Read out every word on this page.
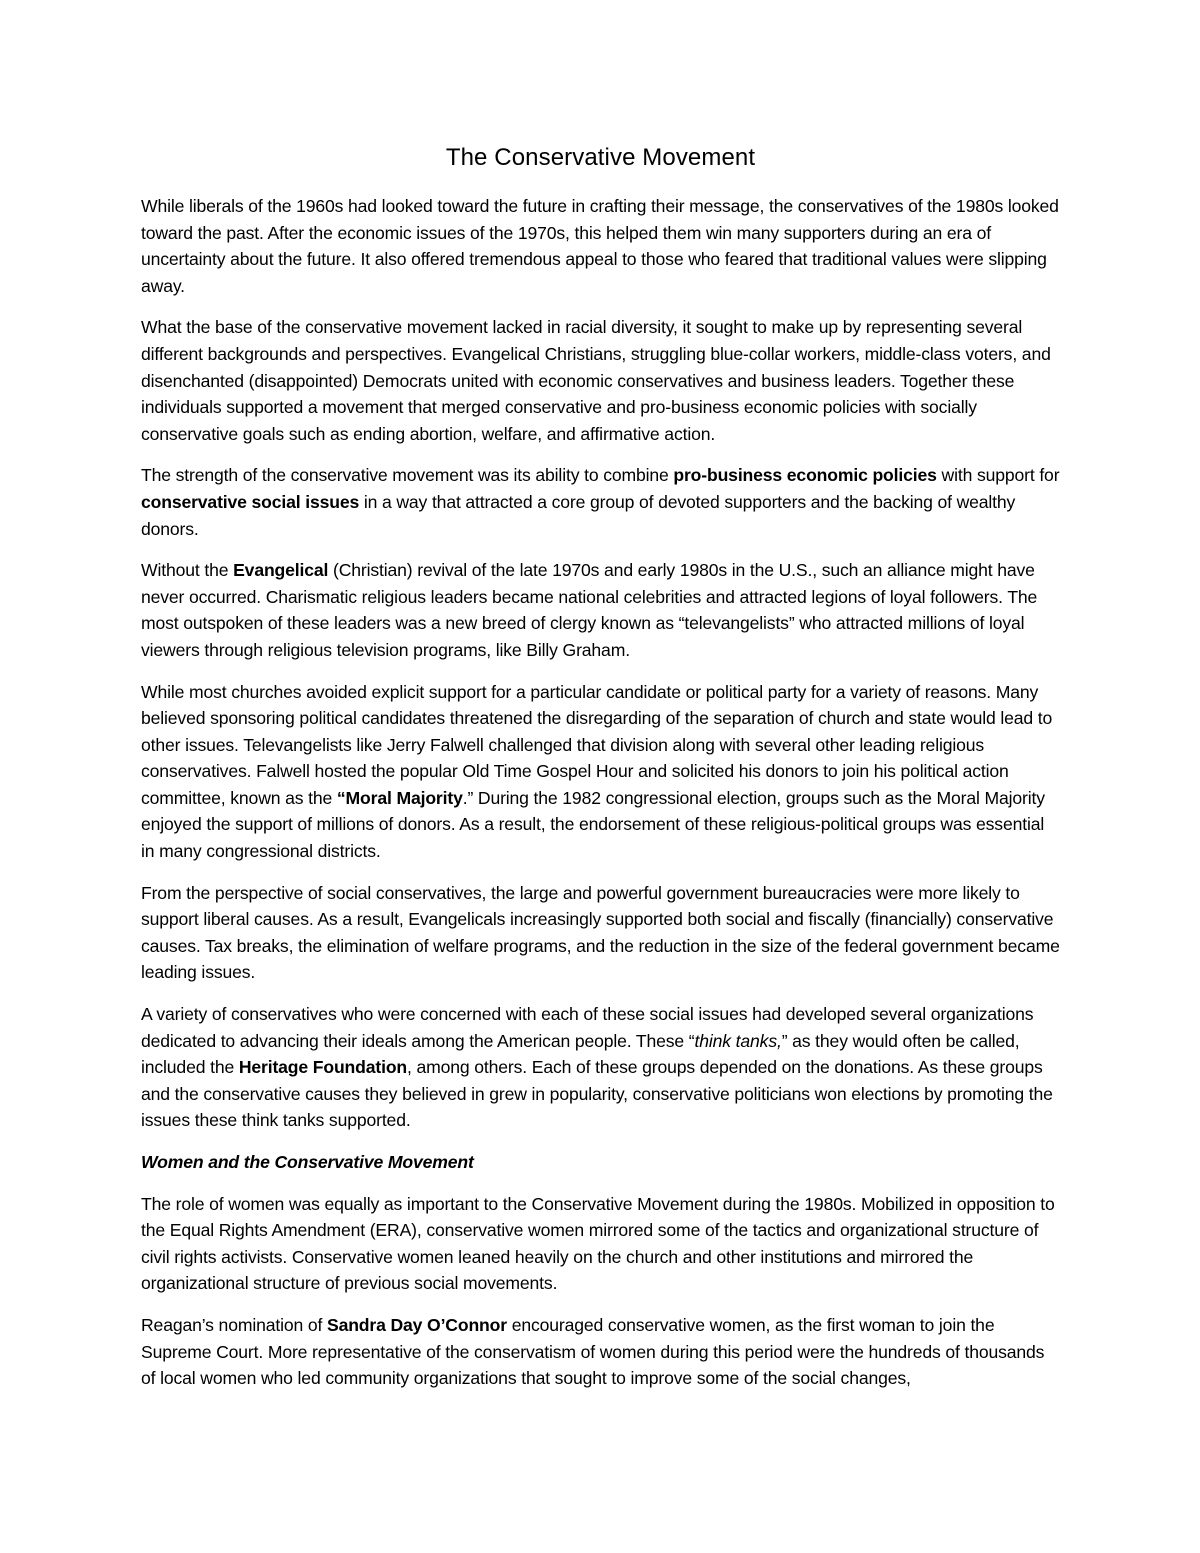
The Conservative Movement

While liberals of the 1960s had looked toward the future in crafting their message, the conservatives of the 1980s looked toward the past. After the economic issues of the 1970s, this helped them win many supporters during an era of uncertainty about the future. It also offered tremendous appeal to those who feared that traditional values were slipping away.

What the base of the conservative movement lacked in racial diversity, it sought to make up by representing several different backgrounds and perspectives. Evangelical Christians, struggling blue-collar workers, middle-class voters, and disenchanted (disappointed) Democrats united with economic conservatives and business leaders. Together these individuals supported a movement that merged conservative and pro-business economic policies with socially conservative goals such as ending abortion, welfare, and affirmative action.

The strength of the conservative movement was its ability to combine pro-business economic policies with support for conservative social issues in a way that attracted a core group of devoted supporters and the backing of wealthy donors.

Without the Evangelical (Christian) revival of the late 1970s and early 1980s in the U.S., such an alliance might have never occurred. Charismatic religious leaders became national celebrities and attracted legions of loyal followers. The most outspoken of these leaders was a new breed of clergy known as “televangelists” who attracted millions of loyal viewers through religious television programs, like Billy Graham.

While most churches avoided explicit support for a particular candidate or political party for a variety of reasons. Many believed sponsoring political candidates threatened the disregarding of the separation of church and state would lead to other issues. Televangelists like Jerry Falwell challenged that division along with several other leading religious conservatives. Falwell hosted the popular Old Time Gospel Hour and solicited his donors to join his political action committee, known as the “Moral Majority.” During the 1982 congressional election, groups such as the Moral Majority enjoyed the support of millions of donors. As a result, the endorsement of these religious-political groups was essential in many congressional districts.

From the perspective of social conservatives, the large and powerful government bureaucracies were more likely to support liberal causes. As a result, Evangelicals increasingly supported both social and fiscally (financially) conservative causes. Tax breaks, the elimination of welfare programs, and the reduction in the size of the federal government became leading issues.

A variety of conservatives who were concerned with each of these social issues had developed several organizations dedicated to advancing their ideals among the American people. These “think tanks,” as they would often be called, included the Heritage Foundation, among others. Each of these groups depended on the donations. As these groups and the conservative causes they believed in grew in popularity, conservative politicians won elections by promoting the issues these think tanks supported.

Women and the Conservative Movement

The role of women was equally as important to the Conservative Movement during the 1980s. Mobilized in opposition to the Equal Rights Amendment (ERA), conservative women mirrored some of the tactics and organizational structure of civil rights activists. Conservative women leaned heavily on the church and other institutions and mirrored the organizational structure of previous social movements.

Reagan’s nomination of Sandra Day O’Connor encouraged conservative women, as the first woman to join the Supreme Court. More representative of the conservatism of women during this period were the hundreds of thousands of local women who led community organizations that sought to improve some of the social changes,
